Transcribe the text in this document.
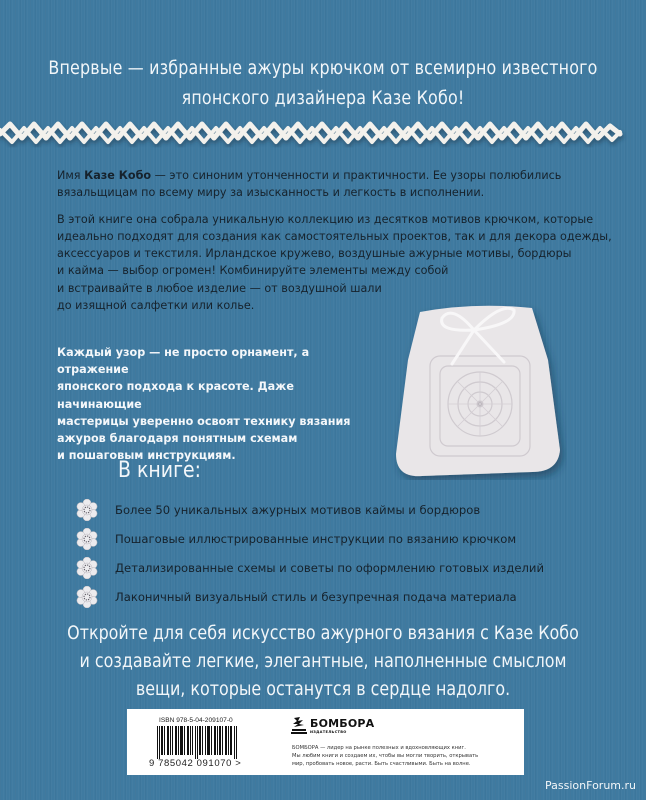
Впервые — избранные ажуры крючком от всемирно известного
японского дизайнера Казе Кобо!

Имя Казе Кобо — это синоним утонченности и практичности. Ее узоры полюбились вязальщицам по всему миру за изысканность и легкость в исполнении.

В этой книге она собрала уникальную коллекцию из десятков мотивов крючком, которые
идеально подходят для создания как самостоятельных проектов, так и для декора одежды,
аксессуаров и текстиля. Ирландское кружево, воздушные ажурные мотивы, бордюры
и кайма — выбор огромен! Комбинируйте элементы между собой
и встраивайте в любое изделие — от воздушной шали
до изящной салфетки или колье.

Каждый узор — не просто орнамент, а отражение
японского подхода к красоте. Даже начинающие
мастерицы уверенно освоят технику вязания
ажуров благодаря понятным схемам
и пошаговым инструкциям.
В книге:
Более 50 уникальных ажурных мотивов каймы и бордюров
Пошаговые иллюстрированные инструкции по вязанию крючком
Детализированные схемы и советы по оформлению готовых изделий
Лаконичный визуальный стиль и безупречная подача материала
Откройте для себя искусство ажурного вязания с Казе Кобо
и создавайте легкие, элегантные, наполненные смыслом
вещи, которые останутся в сердце надолго.
ISBN 978-5-04-209107-0
9 785042 091070 >
БОМБОРА
ИЗДАТЕЛЬСТВО
БОМБОРА — лидер на рынке полезных и вдохновляющих книг.
Мы любим книги и создаем их, чтобы вы могли творить, открывать
мир, пробовать новое, расти. Быть счастливыми. Быть на волне.
PassionForum.ru
